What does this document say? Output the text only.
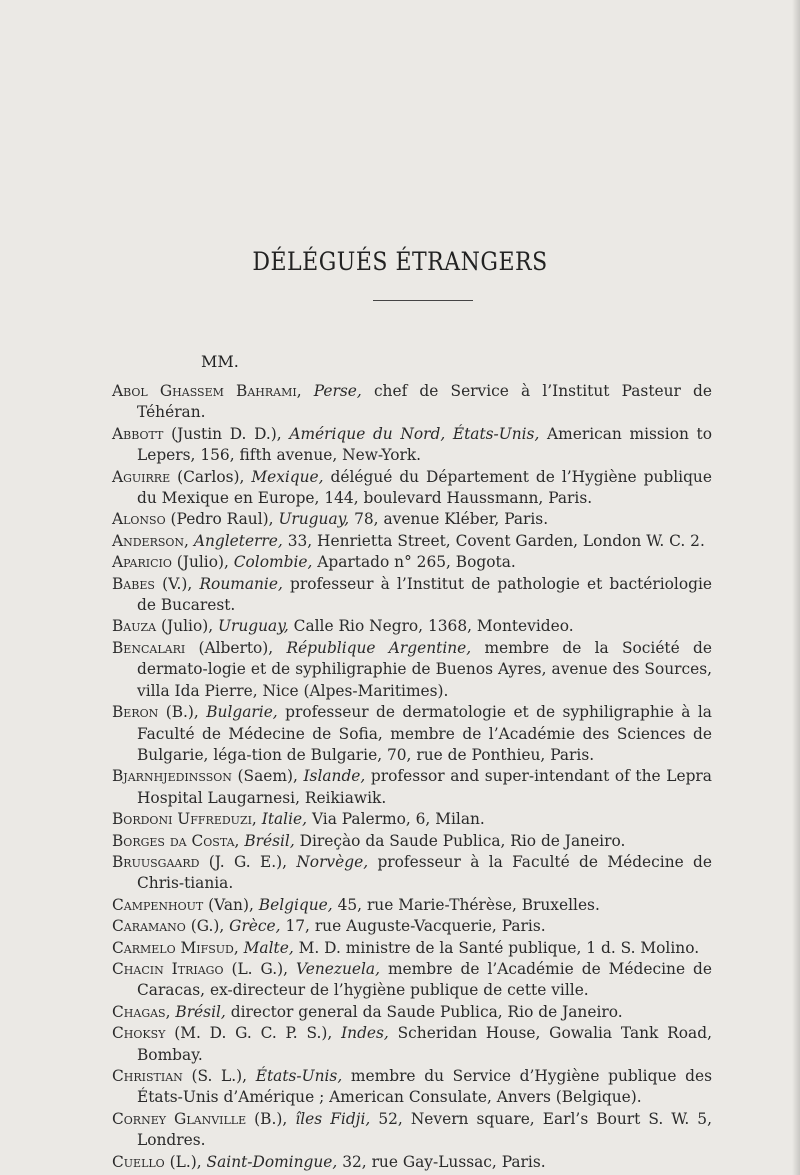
DÉLÉGUÉS ÉTRANGERS
MM.

Abol Ghassem Bahrami, Perse, chef de Service à l’Institut Pasteur de Téhéran.

Abbott (Justin D. D.), Amérique du Nord, États-Unis, American mission to Lepers, 156, fifth avenue, New-York.

Aguirre (Carlos), Mexique, délégué du Département de l’Hygiène publique du Mexique en Europe, 144, boulevard Haussmann, Paris.

Alonso (Pedro Raul), Uruguay, 78, avenue Kléber, Paris.

Anderson, Angleterre, 33, Henrietta Street, Covent Garden, London W. C. 2.

Aparicio (Julio), Colombie, Apartado n° 265, Bogota.

Babes (V.), Roumanie, professeur à l’Institut de pathologie et bactériologie de Bucarest.

Bauza (Julio), Uruguay, Calle Rio Negro, 1368, Montevideo.

Bencalari (Alberto), République Argentine, membre de la Société de dermato-logie et de syphiligraphie de Buenos Ayres, avenue des Sources, villa Ida Pierre, Nice (Alpes-Maritimes).

Beron (B.), Bulgarie, professeur de dermatologie et de syphiligraphie à la Faculté de Médecine de Sofia, membre de l’Académie des Sciences de Bulgarie, léga-tion de Bulgarie, 70, rue de Ponthieu, Paris.

Bjarnhjedinsson (Saem), Islande, professor and super-intendant of the Lepra Hospital Laugarnesi, Reikiawik.

Bordoni Uffreduzi, Italie, Via Palermo, 6, Milan.

Borges da Costa, Brésil, Direçào da Saude Publica, Rio de Janeiro.

Bruusgaard (J. G. E.), Norvège, professeur à la Faculté de Médecine de Chris-tiania.

Campenhout (Van), Belgique, 45, rue Marie-Thérèse, Bruxelles.

Caramano (G.), Grèce, 17, rue Auguste-Vacquerie, Paris.

Carmelo Mifsud, Malte, M. D. ministre de la Santé publique, 1 d. S. Molino.

Chacin Itriago (L. G.), Venezuela, membre de l’Académie de Médecine de Caracas, ex-directeur de l’hygiène publique de cette ville.

Chagas, Brésil, director general da Saude Publica, Rio de Janeiro.

Choksy (M. D. G. C. P. S.), Indes, Scheridan House, Gowalia Tank Road, Bombay.

Christian (S. L.), États-Unis, membre du Service d’Hygiène publique des États-Unis d’Amérique ; American Consulate, Anvers (Belgique).

Corney Glanville (B.), îles Fidji, 52, Nevern square, Earl’s Bourt S. W. 5, Londres.

Cuello (L.), Saint-Domingue, 32, rue Gay-Lussac, Paris.
